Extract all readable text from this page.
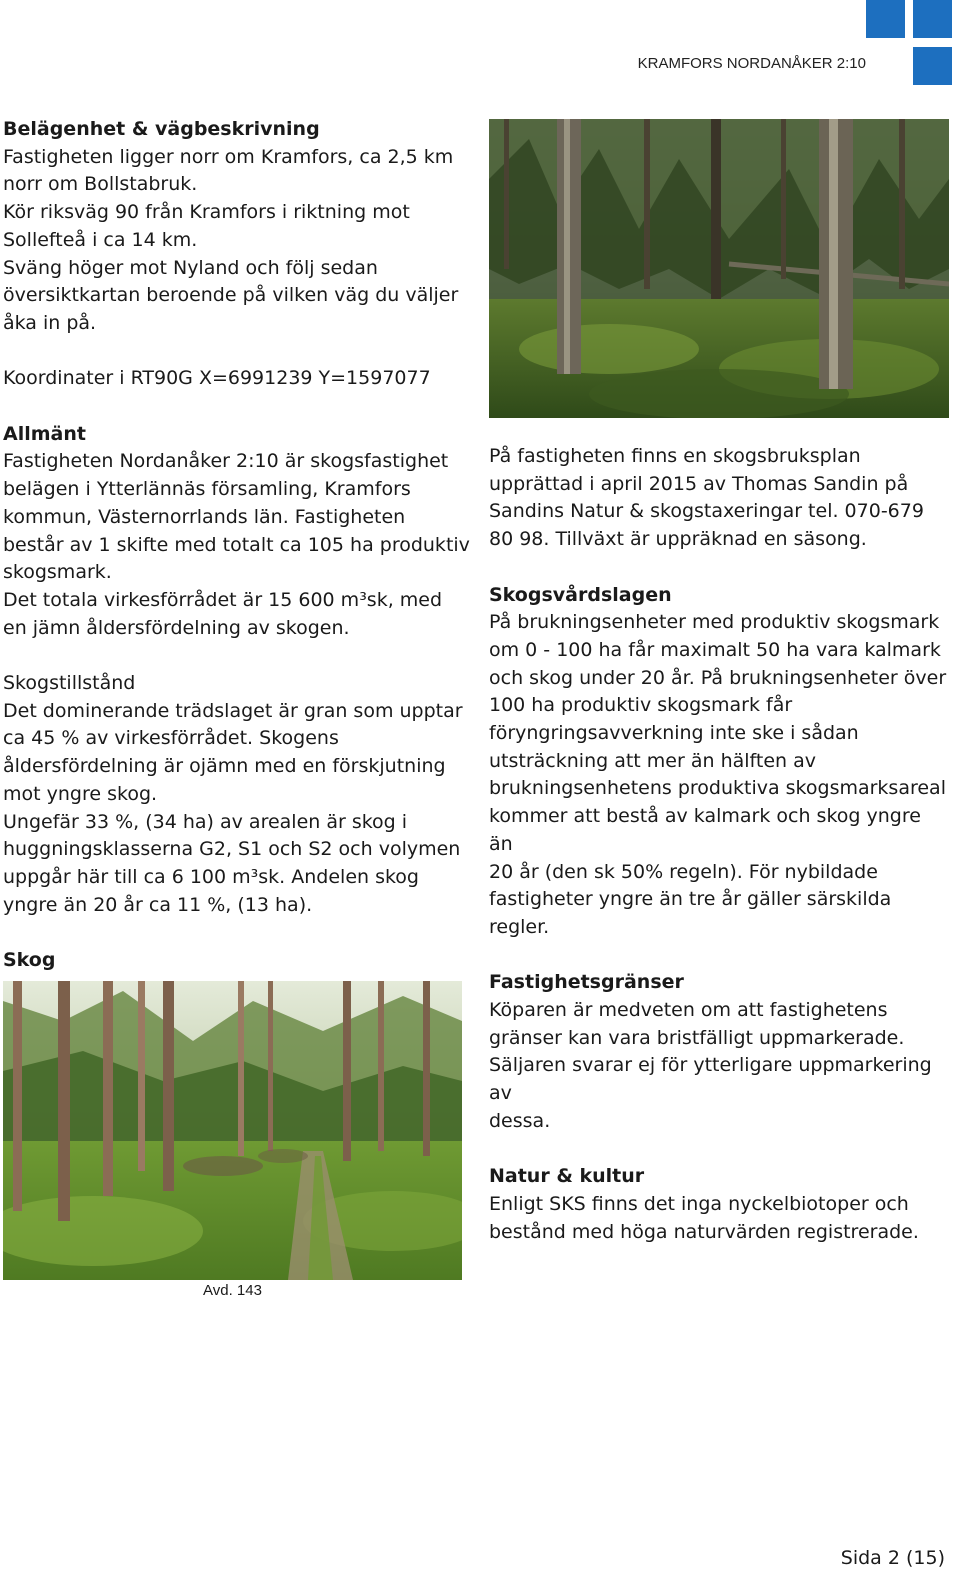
KRAMFORS NORDANÅKER 2:10

Belägenhet & vägbeskrivning

Fastigheten ligger norr om Kramfors, ca 2,5 km

norr om Bollstabruk.

Kör riksväg 90 från Kramfors i riktning mot

Sollefteå i ca 14 km.

Sväng höger mot Nyland och följ sedan

översiktkartan beroende på vilken väg du väljer

åka in på.

Koordinater i RT90G X=6991239 Y=1597077

Allmänt

Fastigheten Nordanåker 2:10 är skogsfastighet

belägen i Ytterlännäs församling, Kramfors

kommun, Västernorrlands län. Fastigheten

består av 1 skifte med totalt ca 105 ha produktiv

skogsmark.

Det totala virkesförrådet är 15 600 m³sk, med

en jämn åldersfördelning av skogen.

Skogstillstånd

Det dominerande trädslaget är gran som upptar

ca 45 % av virkesförrådet. Skogens

åldersfördelning är ojämn med en förskjutning

mot yngre skog.

Ungefär 33 %, (34 ha) av arealen är skog i

huggningsklasserna G2, S1 och S2 och volymen

uppgår här till ca 6 100 m³sk. Andelen skog

yngre än 20 år ca 11 %, (13 ha).

Skog

På fastigheten finns en skogsbruksplan

upprättad i april 2015 av Thomas Sandin på

Sandins Natur & skogstaxeringar tel. 070-679

80 98. Tillväxt är uppräknad en säsong.

Skogsvårdslagen

På brukningsenheter med produktiv skogsmark

om 0 - 100 ha får maximalt 50 ha vara kalmark

och skog under 20 år. På brukningsenheter över

100 ha produktiv skogsmark får

föryngringsavverkning inte ske i sådan

utsträckning att mer än hälften av

brukningsenhetens produktiva skogsmarksareal

kommer att bestå av kalmark och skog yngre än

20 år (den sk 50% regeln). För nybildade

fastigheter yngre än tre år gäller särskilda regler.

Fastighetsgränser

Köparen är medveten om att fastighetens

gränser kan vara bristfälligt uppmarkerade.

Säljaren svarar ej för ytterligare uppmarkering av

dessa.

Natur & kultur

Enligt SKS finns det inga nyckelbiotoper och

bestånd med höga naturvärden registrerade.

Avd. 143
Sida 2 (15)
